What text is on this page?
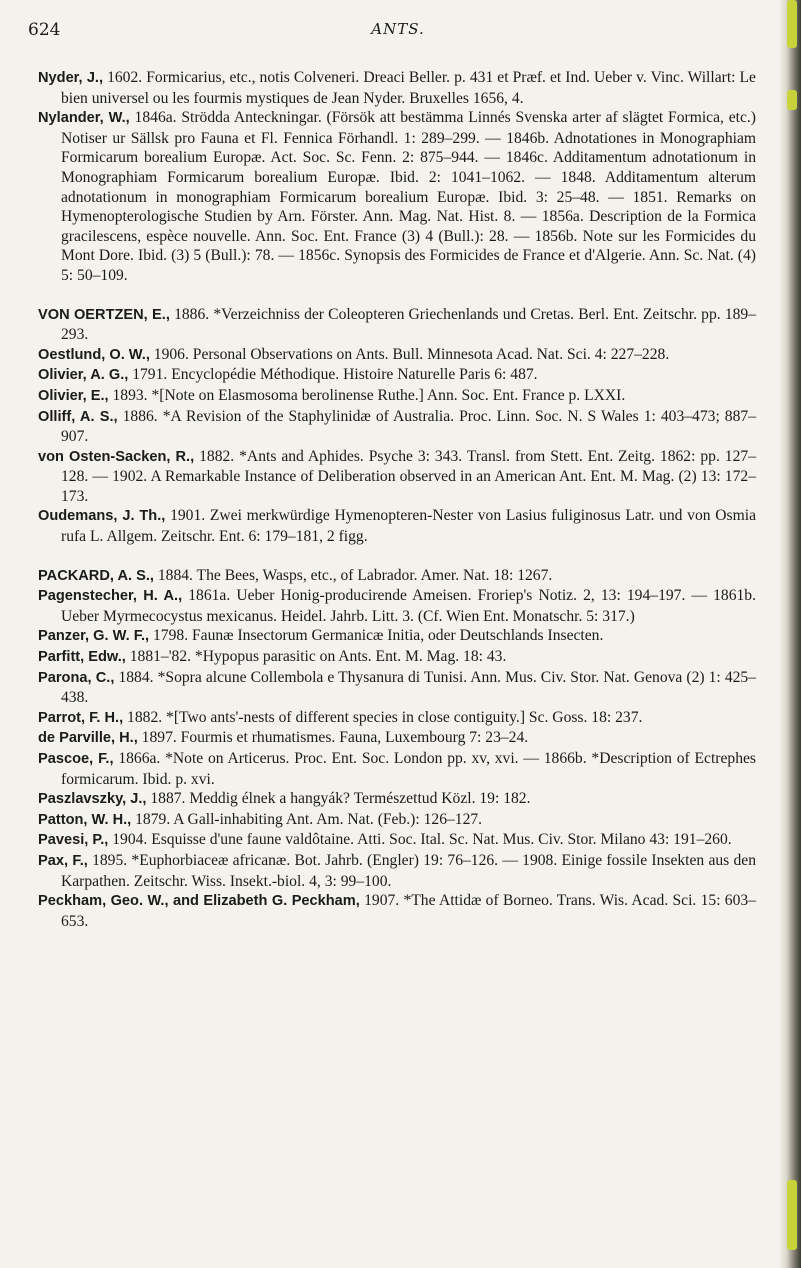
624	ANTS.

Nyder, J., 1602. Formicarius, etc., notis Colveneri. Dreaci Beller. p. 431 et Præf. et Ind. Ueber v. Vinc. Willart: Le bien universel ou les fourmis mystiques de Jean Nyder. Bruxelles 1656, 4.

Nylander, W., 1846a. Strödda Anteckningar. (Försök att bestämma Linnés Svenska arter af slägtet Formica, etc.) Notiser ur Sällsk pro Fauna et Fl. Fennica Förhandl. 1: 289–299. — 1846b. Adnotationes in Monographiam Formicarum borealium Europæ. Act. Soc. Sc. Fenn. 2: 875–944. — 1846c. Additamentum adnotationum in Monographiam Formicarum borealium Europæ. Ibid. 2: 1041–1062. — 1848. Additamentum alterum adnotationum in monographiam Formicarum borealium Europæ. Ibid. 3: 25–48. — 1851. Remarks on Hymenopterologische Studien by Arn. Förster. Ann. Mag. Nat. Hist. 8. — 1856a. Description de la Formica gracilescens, espèce nouvelle. Ann. Soc. Ent. France (3) 4 (Bull.): 28. — 1856b. Note sur les Formicides du Mont Dore. Ibid. (3) 5 (Bull.): 78. — 1856c. Synopsis des Formicides de France et d'Algerie. Ann. Sc. Nat. (4) 5: 50–109.

VON OERTZEN, E., 1886. *Verzeichniss der Coleopteren Griechenlands und Cretas. Berl. Ent. Zeitschr. pp. 189–293.

Oestlund, O. W., 1906. Personal Observations on Ants. Bull. Minnesota Acad. Nat. Sci. 4: 227–228.

Olivier, A. G., 1791. Encyclopédie Méthodique. Histoire Naturelle Paris 6: 487.

Olivier, E., 1893. *[Note on Elasmosoma berolinense Ruthe.] Ann. Soc. Ent. France p. LXXI.

Olliff, A. S., 1886. *A Revision of the Staphylinidæ of Australia. Proc. Linn. Soc. N. S Wales 1: 403–473; 887–907.

von Osten-Sacken, R., 1882. *Ants and Aphides. Psyche 3: 343. Transl. from Stett. Ent. Zeitg. 1862: pp. 127–128. — 1902. A Remarkable Instance of Deliberation observed in an American Ant. Ent. M. Mag. (2) 13: 172–173.

Oudemans, J. Th., 1901. Zwei merkwürdige Hymenopteren-Nester von Lasius fuliginosus Latr. und von Osmia rufa L. Allgem. Zeitschr. Ent. 6: 179–181, 2 figg.

PACKARD, A. S., 1884. The Bees, Wasps, etc., of Labrador. Amer. Nat. 18: 1267.

Pagenstecher, H. A., 1861a. Ueber Honig-producirende Ameisen. Froriep's Notiz. 2, 13: 194–197. — 1861b. Ueber Myrmecocystus mexicanus. Heidel. Jahrb. Litt. 3. (Cf. Wien Ent. Monatschr. 5: 317.)

Panzer, G. W. F., 1798. Faunæ Insectorum Germanicæ Initia, oder Deutschlands Insecten.

Parfitt, Edw., 1881–'82. *Hypopus parasitic on Ants. Ent. M. Mag. 18: 43.

Parona, C., 1884. *Sopra alcune Collembola e Thysanura di Tunisi. Ann. Mus. Civ. Stor. Nat. Genova (2) 1: 425–438.

Parrot, F. H., 1882. *[Two ants'-nests of different species in close contiguity.] Sc. Goss. 18: 237.

de Parville, H., 1897. Fourmis et rhumatismes. Fauna, Luxembourg 7: 23–24.

Pascoe, F., 1866a. *Note on Articerus. Proc. Ent. Soc. London pp. xv, xvi. — 1866b. *Description of Ectrephes formicarum. Ibid. p. xvi.

Paszlavszky, J., 1887. Meddig élnek a hangyák? Természettud Közl. 19: 182.

Patton, W. H., 1879. A Gall-inhabiting Ant. Am. Nat. (Feb.): 126–127.

Pavesi, P., 1904. Esquisse d'une faune valdôtaine. Atti. Soc. Ital. Sc. Nat. Mus. Civ. Stor. Milano 43: 191–260.

Pax, F., 1895. *Euphorbiaceæ africanæ. Bot. Jahrb. (Engler) 19: 76–126. — 1908. Einige fossile Insekten aus den Karpathen. Zeitschr. Wiss. Insekt.-biol. 4, 3: 99–100.

Peckham, Geo. W., and Elizabeth G. Peckham, 1907. *The Attidæ of Borneo. Trans. Wis. Acad. Sci. 15: 603–653.
